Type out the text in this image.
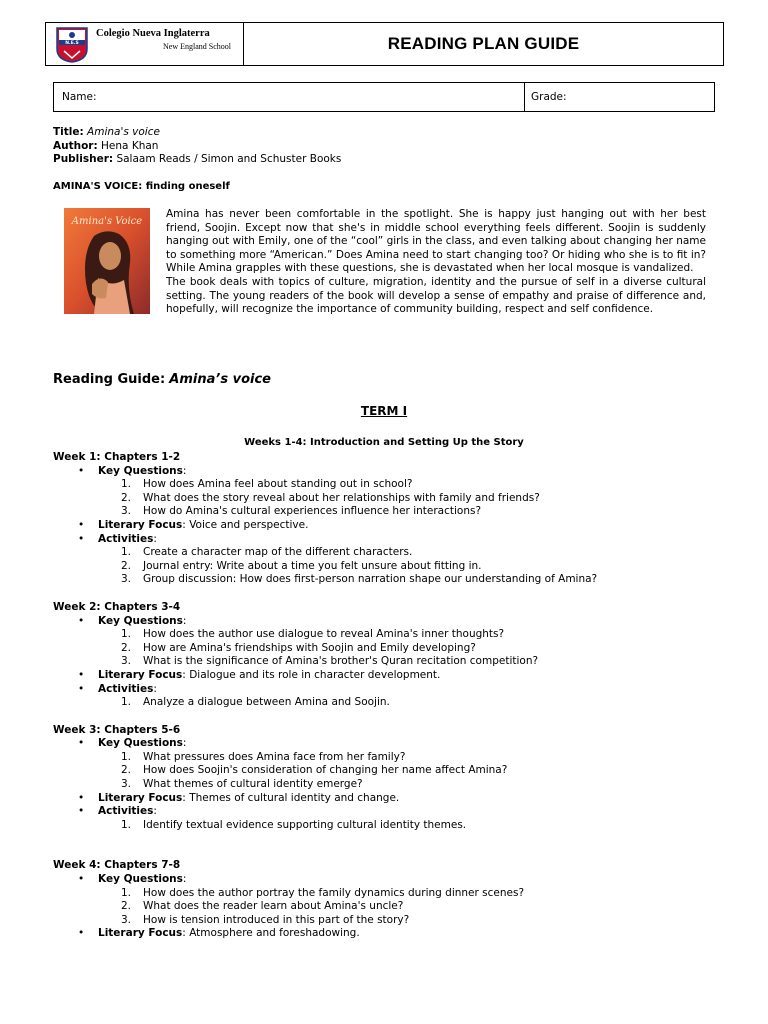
N.E.S
Colegio Nueva Inglaterra
New England School	READING PLAN GUIDE
Name:	Grade:
Title: Amina's voice
Author: Hena Khan
Publisher: Salaam Reads / Simon and Schuster Books
AMINA'S VOICE: finding oneself
Amina's Voice

Amina has never been comfortable in the spotlight. She is happy just hanging out with her best friend, Soojin. Except now that she's in middle school everything feels different. Soojin is suddenly hanging out with Emily, one of the “cool” girls in the class, and even talking about changing her name to something more “American.” Does Amina need to start changing too? Or hiding who she is to fit in? While Amina grapples with these questions, she is devastated when her local mosque is vandalized.

The book deals with topics of culture, migration, identity and the pursue of self in a diverse cultural setting. The young readers of the book will develop a sense of empathy and praise of difference and, hopefully, will recognize the importance of community building, respect and self confidence.

Reading Guide: Amina’s voice
TERM I
Weeks 1-4: Introduction and Setting Up the Story
Week 1: Chapters 1-2
• Key Questions:
1. How does Amina feel about standing out in school?
2. What does the story reveal about her relationships with family and friends?
3. How do Amina's cultural experiences influence her interactions?
• Literary Focus: Voice and perspective.
• Activities:
1. Create a character map of the different characters.
2. Journal entry: Write about a time you felt unsure about fitting in.
3. Group discussion: How does first-person narration shape our understanding of Amina?
Week 2: Chapters 3-4
• Key Questions:
1. How does the author use dialogue to reveal Amina's inner thoughts?
2. How are Amina's friendships with Soojin and Emily developing?
3. What is the significance of Amina's brother's Quran recitation competition?
• Literary Focus: Dialogue and its role in character development.
• Activities:
1. Analyze a dialogue between Amina and Soojin.
Week 3: Chapters 5-6
• Key Questions:
1. What pressures does Amina face from her family?
2. How does Soojin's consideration of changing her name affect Amina?
3. What themes of cultural identity emerge?
• Literary Focus: Themes of cultural identity and change.
• Activities:
1. Identify textual evidence supporting cultural identity themes.
Week 4: Chapters 7-8
• Key Questions:
1. How does the author portray the family dynamics during dinner scenes?
2. What does the reader learn about Amina's uncle?
3. How is tension introduced in this part of the story?
• Literary Focus: Atmosphere and foreshadowing.
